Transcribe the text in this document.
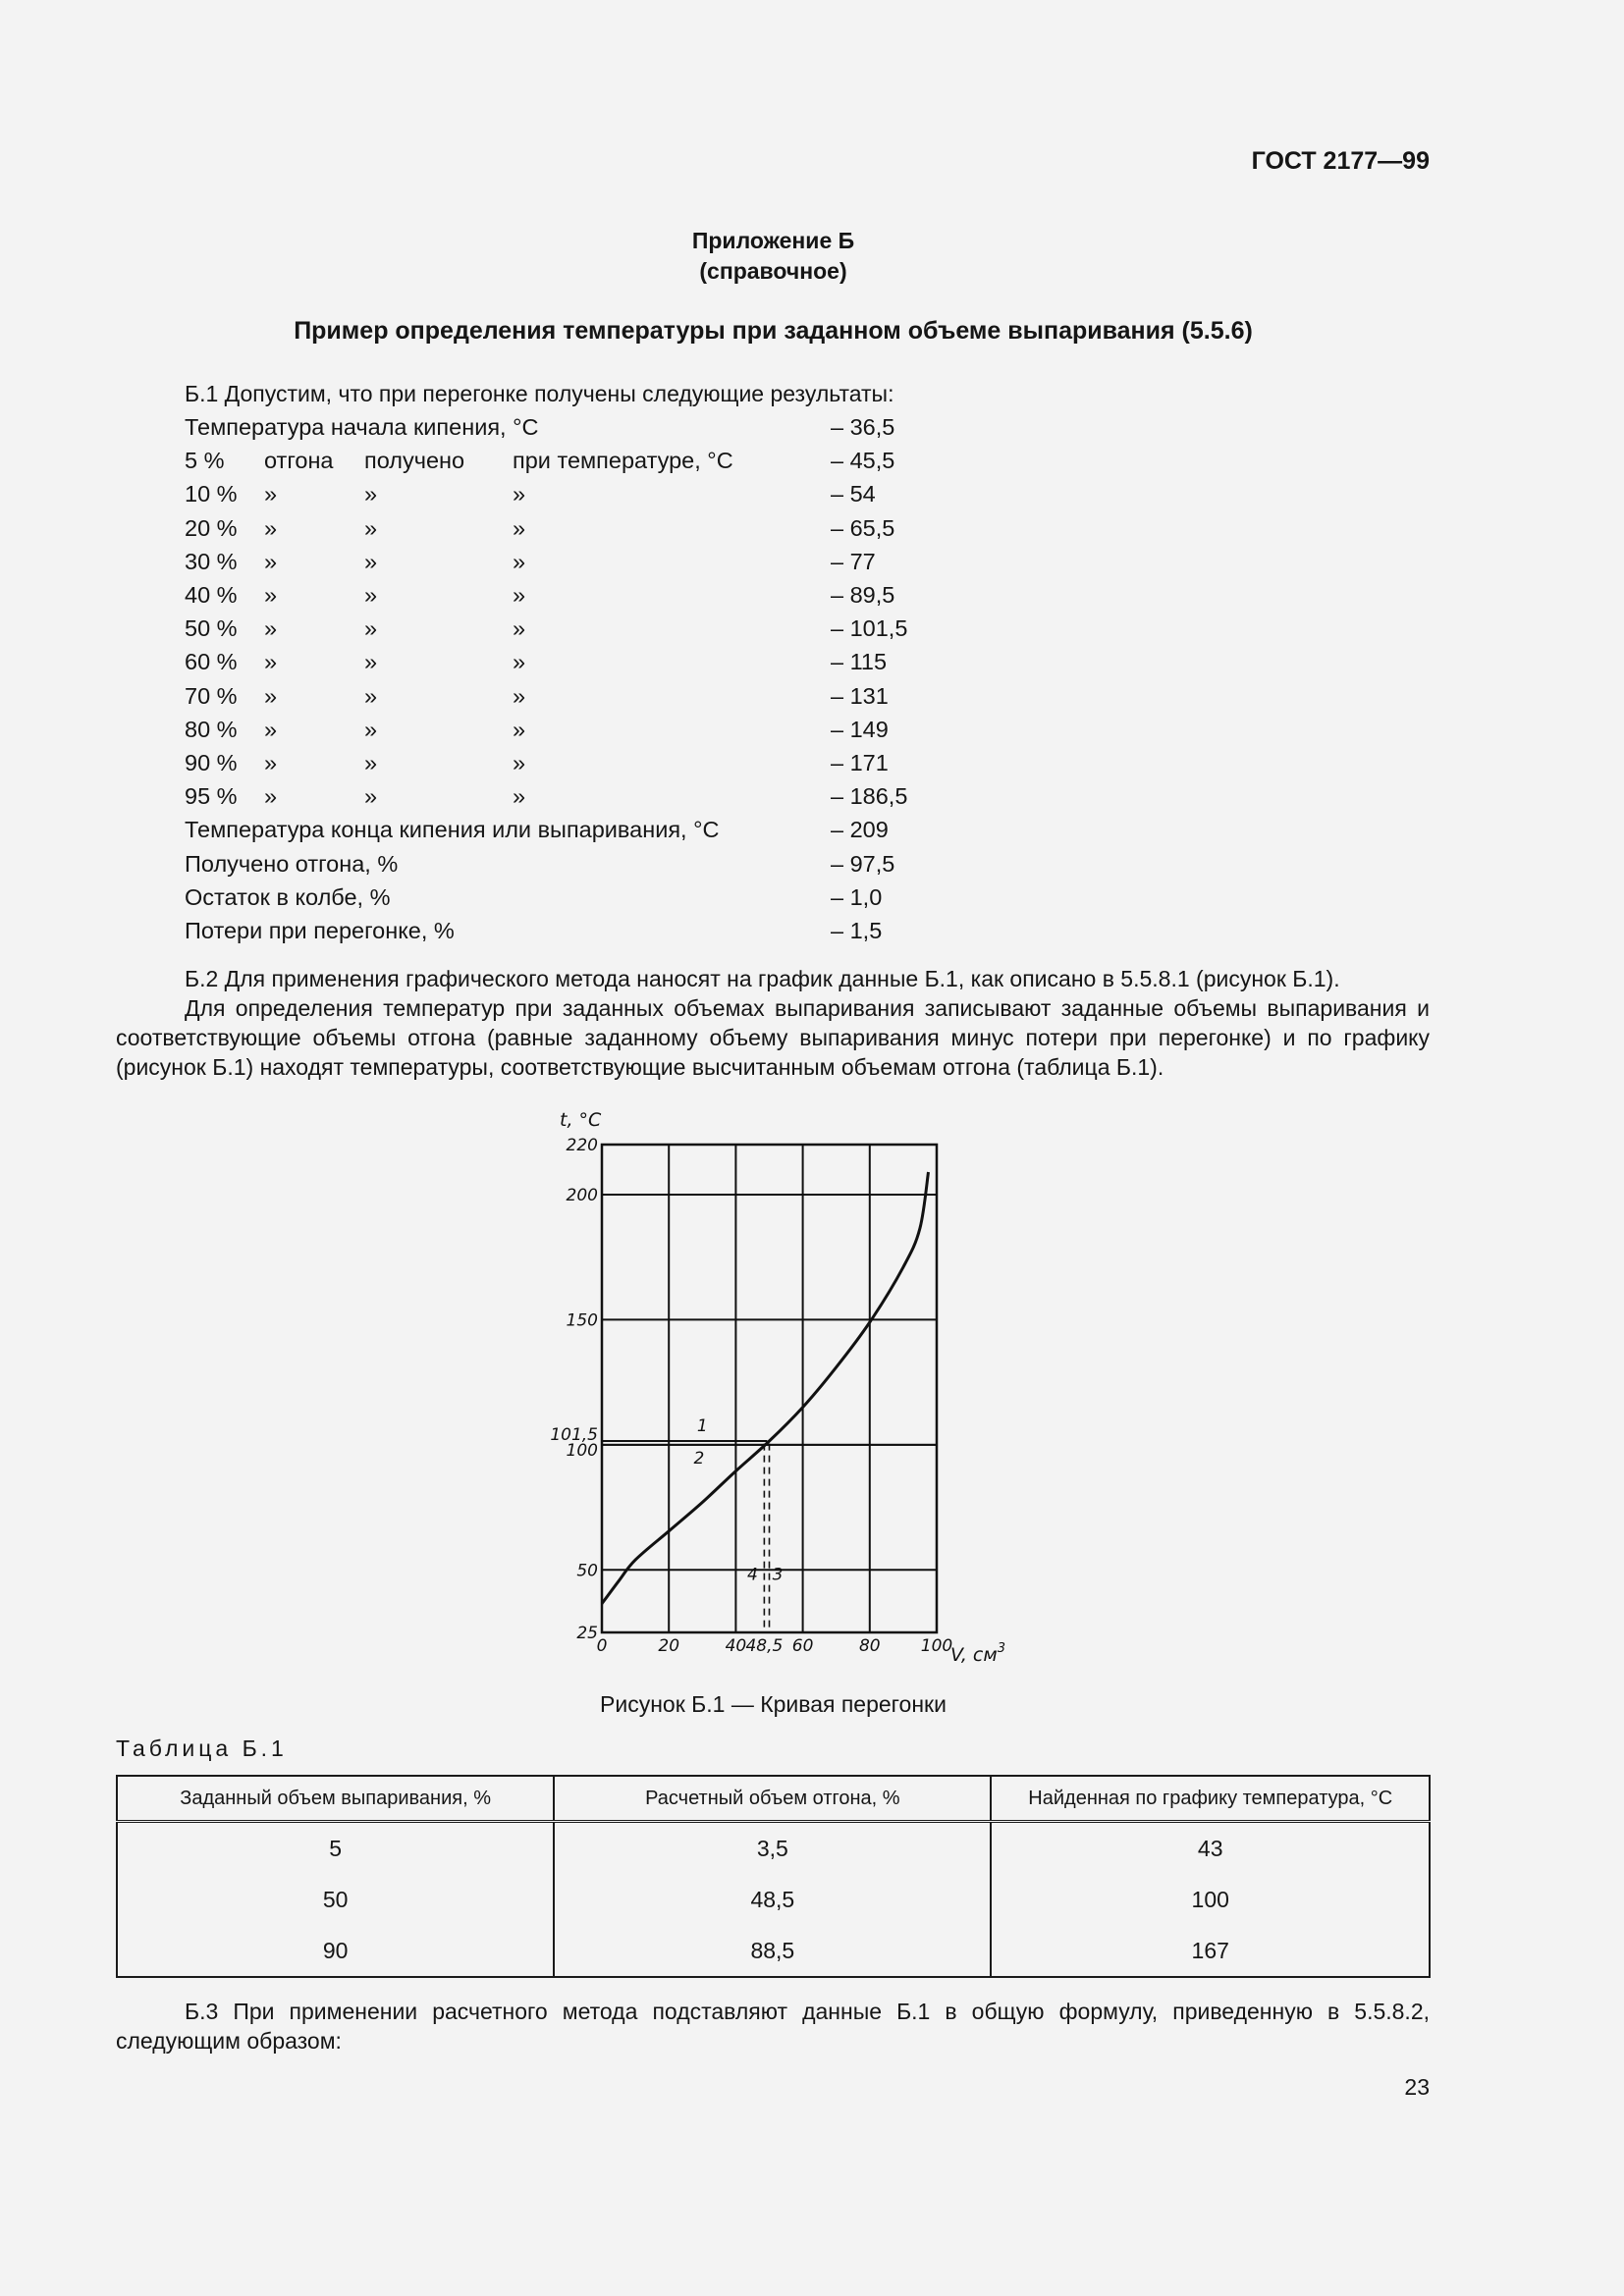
ГОСТ 2177—99
Приложение Б
(справочное)
Пример определения температуры при заданном объеме выпаривания (5.5.6)
Б.1 Допустим, что при перегонке получены следующие результаты:
Температура начала кипения, °С	– 36,5
5 % отгона получено при температуре, °С	– 45,5
10 % »	»	»	– 54
20 % »	»	»	– 65,5
30 % »	»	»	– 77
40 % »	»	»	– 89,5
50 % »	»	»	– 101,5
60 % »	»	»	– 115
70 % »	»	»	– 131
80 % »	»	»	– 149
90 % »	»	»	– 171
95 % »	»	»	– 186,5
Температура конца кипения или выпаривания, °С	– 209
Получено отгона, %	– 97,5
Остаток в колбе, %	– 1,0
Потери при перегонке, %	– 1,5
Б.2 Для применения графического метода наносят на график данные Б.1, как описано в 5.5.8.1 (рисунок Б.1).
Для определения температур при заданных объемах выпаривания записывают заданные объемы выпаривания и соответствующие объемы отгона (равные заданному объему выпаривания минус потери при перегонке) и по графику (рисунок Б.1) находят температуры, соответствующие высчитанным объемам отгона (таблица Б.1).
0	20	40 48,5 60	80 100
25
50
100
101,5
150
200
220
1
2
3
4
t, °С
V, $см^3$
Рисунок Б.1 — Кривая перегонки
Таблица Б.1
Заданный объем выпаривания, %	Расчетный объем отгона, %	Найденная по графику температура, °С
5	3,5	43
50	48,5	100
90	88,5	167
Б.3 При применении расчетного метода подставляют данные Б.1 в общую формулу, приведенную в 5.5.8.2, следующим образом:
23
